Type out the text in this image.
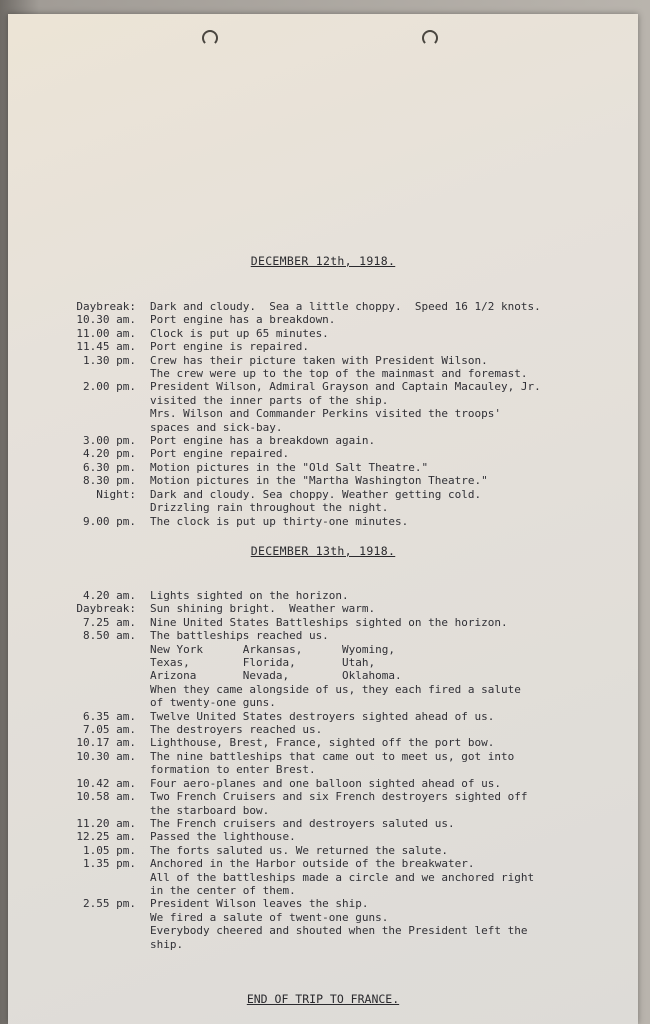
DECEMBER 12th, 1918.
Daybreak:	Dark and cloudy.  Sea a little choppy.  Speed 16 1/2 knots.
10.30 am.	Port engine has a breakdown.
11.00 am.	Clock is put up 65 minutes.
11.45 am.	Port engine is repaired.
1.30 pm.	Crew has their picture taken with President Wilson.
The crew were up to the top of the mainmast and foremast.
2.00 pm.	President Wilson, Admiral Grayson and Captain Macauley, Jr.
visited the inner parts of the ship.
Mrs. Wilson and Commander Perkins visited the troops'
spaces and sick-bay.
3.00 pm.	Port engine has a breakdown again.
4.20 pm.	Port engine repaired.
6.30 pm.	Motion pictures in the "Old Salt Theatre."
8.30 pm.	Motion pictures in the "Martha Washington Theatre."
Night:	Dark and cloudy. Sea choppy. Weather getting cold.
Drizzling rain throughout the night.
9.00 pm.	The clock is put up thirty-one minutes.
DECEMBER 13th, 1918.
4.20 am.	Lights sighted on the horizon.
Daybreak:	Sun shining bright.  Weather warm.
7.25 am.	Nine United States Battleships sighted on the horizon.
8.50 am.	The battleships reached us.
New York      Arkansas,      Wyoming,
Texas,        Florida,       Utah,
Arizona       Nevada,        Oklahoma.
When they came alongside of us, they each fired a salute
of twenty-one guns.
6.35 am.	Twelve United States destroyers sighted ahead of us.
7.05 am.	The destroyers reached us.
10.17 am.	Lighthouse, Brest, France, sighted off the port bow.
10.30 am.	The nine battleships that came out to meet us, got into
formation to enter Brest.
10.42 am.	Four aero-planes and one balloon sighted ahead of us.
10.58 am.	Two French Cruisers and six French destroyers sighted off
the starboard bow.
11.20 am.	The French cruisers and destroyers saluted us.
12.25 am.	Passed the lighthouse.
1.05 pm.	The forts saluted us. We returned the salute.
1.35 pm.	Anchored in the Harbor outside of the breakwater.
All of the battleships made a circle and we anchored right
in the center of them.
2.55 pm.	President Wilson leaves the ship.
We fired a salute of twent-one guns.
Everybody cheered and shouted when the President left the
ship.
END OF TRIP TO FRANCE.
